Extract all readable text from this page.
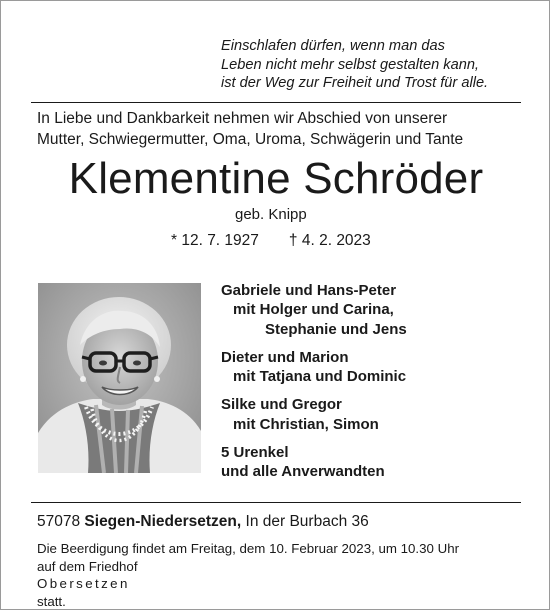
Einschlafen dürfen, wenn man das
Leben nicht mehr selbst gestalten kann,
ist der Weg zur Freiheit und Trost für alle.
In Liebe und Dankbarkeit nehmen wir Abschied von unserer
Mutter, Schwiegermutter, Oma, Uroma, Schwägerin und Tante
Klementine Schröder
geb. Knipp
* 12. 7. 1927 † 4. 2. 2023
Gabriele und Hans-Peter
mit Holger und Carina,
Stephanie und Jens
Dieter und Marion
mit Tatjana und Dominic
Silke und Gregor
mit Christian, Simon
5 Urenkel
und alle Anverwandten
57078 Siegen-Niedersetzen, In der Burbach 36
Die Beerdigung findet am Freitag, dem 10. Februar 2023, um 10.30 Uhr
auf dem Friedhof
Obersetzen
statt.
